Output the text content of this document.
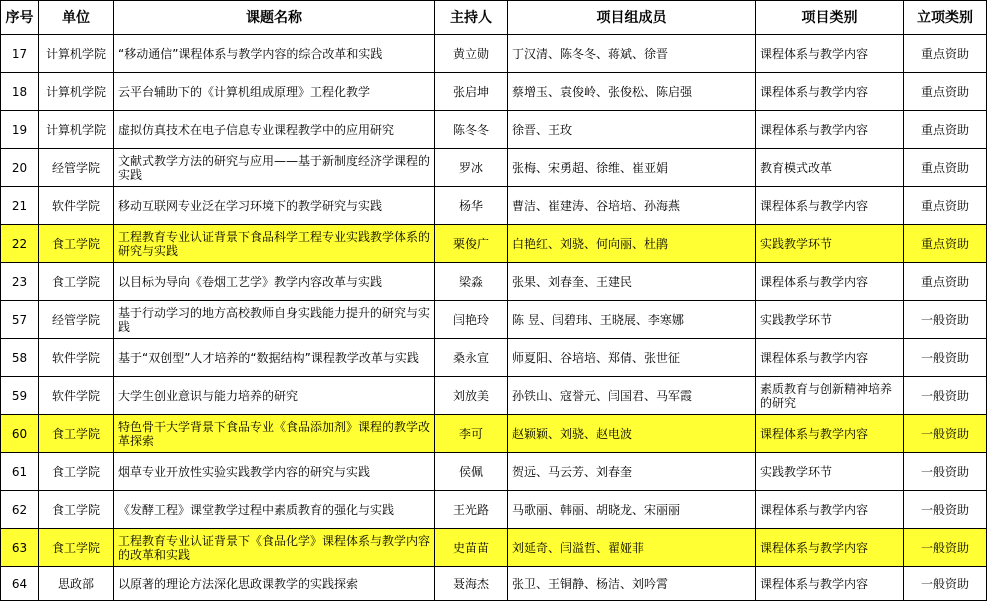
序号	单位	课题名称	主持人	项目组成员	项目类别	立项类别
17	计算机学院	“移动通信”课程体系与教学内容的综合改革和实践	黄立勋	丁汉清、陈冬冬、蒋斌、徐晋	课程体系与教学内容	重点资助
18	计算机学院	云平台辅助下的《计算机组成原理》工程化教学	张启坤	蔡增玉、袁俊岭、张俊松、陈启强	课程体系与教学内容	重点资助
19	计算机学院	虚拟仿真技术在电子信息专业课程教学中的应用研究	陈冬冬	徐晋、王玫	课程体系与教学内容	重点资助
20	经管学院	文献式教学方法的研究与应用——基于新制度经济学课程的实践	罗冰	张梅、宋勇超、徐维、崔亚娟	教育模式改革	重点资助
21	软件学院	移动互联网专业泛在学习环境下的教学研究与实践	杨华	曹洁、崔建涛、谷培培、孙海燕	课程体系与教学内容	重点资助
22	食工学院	工程教育专业认证背景下食品科学工程专业实践教学体系的研究与实践	栗俊广	白艳红、刘骁、何向丽、杜鹃	实践教学环节	重点资助
23	食工学院	以目标为导向《卷烟工艺学》教学内容改革与实践	梁淼	张果、刘春奎、王建民	课程体系与教学内容	重点资助
57	经管学院	基于行动学习的地方高校教师自身实践能力提升的研究与实践	闫艳玲	陈 昱、闫碧玮、王晓展、李寒娜	实践教学环节	一般资助
58	软件学院	基于“双创型”人才培养的“数据结构”课程教学改革与实践	桑永宣	师夏阳、谷培培、郑倩、张世征	课程体系与教学内容	一般资助
59	软件学院	大学生创业意识与能力培养的研究	刘放美	孙铁山、寇誉元、闫国君、马军霞	素质教育与创新精神培养的研究	一般资助
60	食工学院	特色骨干大学背景下食品专业《食品添加剂》课程的教学改革探索	李可	赵颖颖、刘骁、赵电波	课程体系与教学内容	一般资助
61	食工学院	烟草专业开放性实验实践教学内容的研究与实践	侯佩	贺远、马云芳、刘春奎	实践教学环节	一般资助
62	食工学院	《发酵工程》课堂教学过程中素质教育的强化与实践	王光路	马歌丽、韩丽、胡晓龙、宋丽丽	课程体系与教学内容	一般资助
63	食工学院	工程教育专业认证背景下《食品化学》课程体系与教学内容的改革和实践	史苗苗	刘延奇、闫溢哲、翟娅菲	课程体系与教学内容	一般资助
64	思政部	以原著的理论方法深化思政课教学的实践探索	聂海杰	张卫、王铜静、杨洁、刘吟霄	课程体系与教学内容	一般资助
